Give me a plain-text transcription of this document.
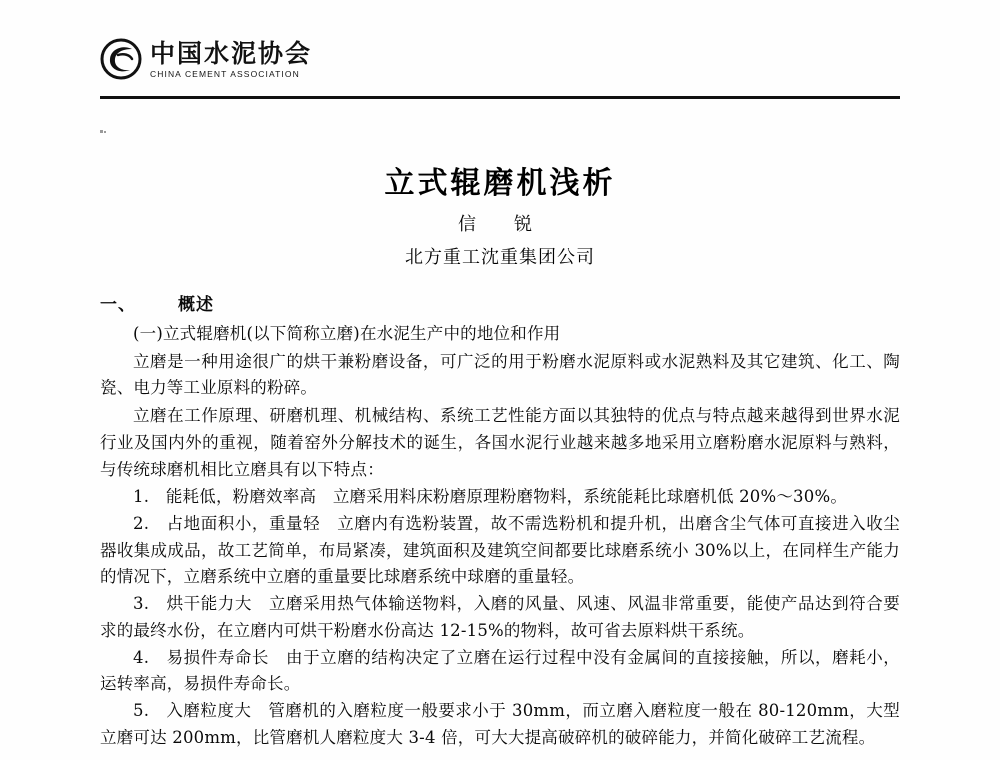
中国水泥协会
CHINA CEMENT ASSOCIATION
立式辊磨机浅析
信　锐
北方重工沈重集团公司
一、	概述

(一)立式辊磨机(以下简称立磨)在水泥生产中的地位和作用

立磨是一种用途很广的烘干兼粉磨设备，可广泛的用于粉磨水泥原料或水泥熟料及其它建筑、化工、陶瓷、电力等工业原料的粉碎。

立磨在工作原理、研磨机理、机械结构、系统工艺性能方面以其独特的优点与特点越来越得到世界水泥行业及国内外的重视，随着窑外分解技术的诞生，各国水泥行业越来越多地采用立磨粉磨水泥原料与熟料，与传统球磨机相比立磨具有以下特点：

1.　能耗低，粉磨效率高　立磨采用料床粉磨原理粉磨物料，系统能耗比球磨机低 20%～30%。

2.　占地面积小，重量轻　立磨内有选粉装置，故不需选粉机和提升机，出磨含尘气体可直接进入收尘器收集成成品，故工艺简单，布局紧凑，建筑面积及建筑空间都要比球磨系统小 30%以上，在同样生产能力的情况下，立磨系统中立磨的重量要比球磨系统中球磨的重量轻。

3.　烘干能力大　立磨采用热气体输送物料，入磨的风量、风速、风温非常重要，能使产品达到符合要求的最终水份，在立磨内可烘干粉磨水份高达 12-15%的物料，故可省去原料烘干系统。

4.　易损件寿命长　由于立磨的结构决定了立磨在运行过程中没有金属间的直接接触，所以，磨耗小，运转率高，易损件寿命长。

5.　入磨粒度大　管磨机的入磨粒度一般要求小于 30mm，而立磨入磨粒度一般在 80-120mm，大型立磨可达 200mm，比管磨机人磨粒度大 3-4 倍，可大大提高破碎机的破碎能力，并简化破碎工艺流程。
